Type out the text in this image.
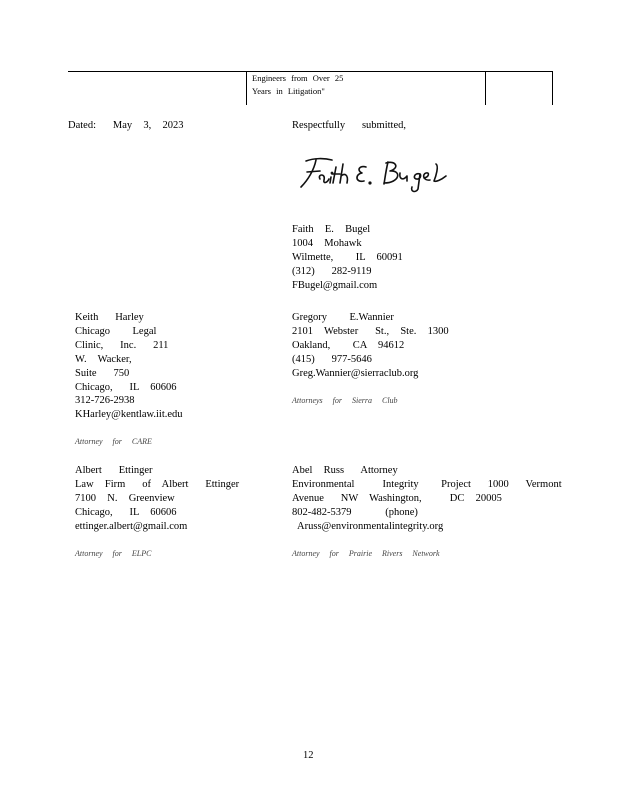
Engineers from Over 25
Years in Litigation"
Dated:   May  3,  2023	Respectfully   submitted,
Faith  E.  Bugel
1004  Mohawk
Wilmette,    IL  60091
(312)   282-9119
FBugel@gmail.com
Keith   Harley
Chicago    Legal
Clinic,   Inc.   211
W.  Wacker,
Suite   750
Chicago,   IL  60606
312-726-2938
KHarley@kentlaw.iit.edu
Attorney for CARE
Gregory    E.Wannier
2101  Webster   St.,  Ste.  1300
Oakland,    CA  94612
(415)   977-5646
Greg.Wannier@sierraclub.org
Attorneys for Sierra Club
Albert   Ettinger
Law  Firm   of  Albert   Ettinger
7100  N.  Greenview
Chicago,   IL  60606
ettinger.albert@gmail.com
Attorney for ELPC
Abel  Russ   Attorney
Environmental     Integrity    Project   1000   Vermont
Avenue   NW  Washington,     DC  20005
802-482-5379      (phone)
Aruss@environmentalintegrity.org
Attorney for Prairie Rivers Network
12
